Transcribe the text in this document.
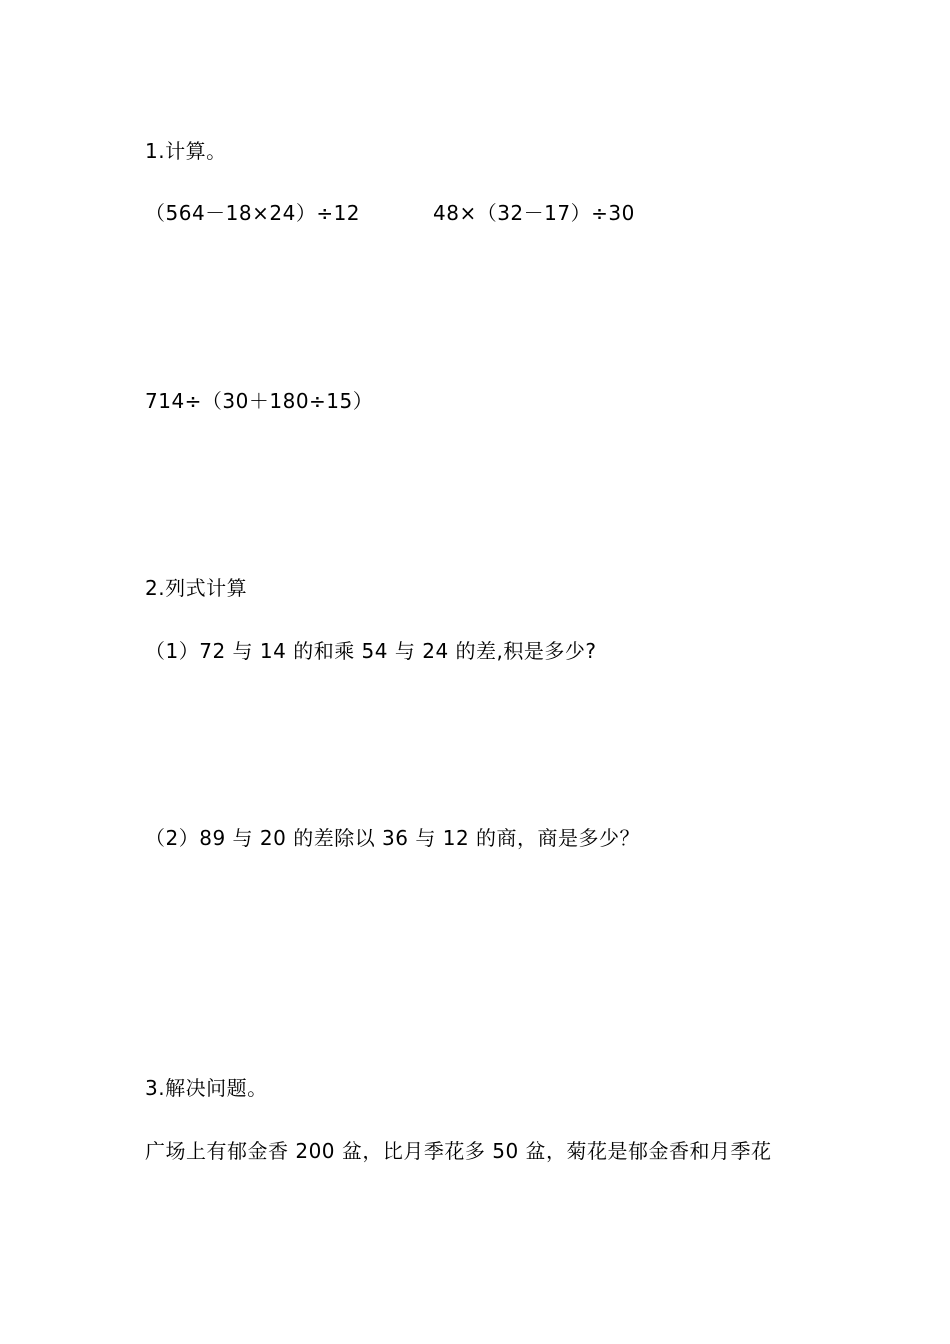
1.计算。
（564－18×24）÷12	48×（32－17）÷30
714÷（30＋180÷15）
2.列式计算
（1）72 与 14 的和乘 54 与 24 的差,积是多少?
（2）89 与 20 的差除以 36 与 12 的商，商是多少？
3.解决问题。
广场上有郁金香 200 盆，比月季花多 50 盆，菊花是郁金香和月季花
